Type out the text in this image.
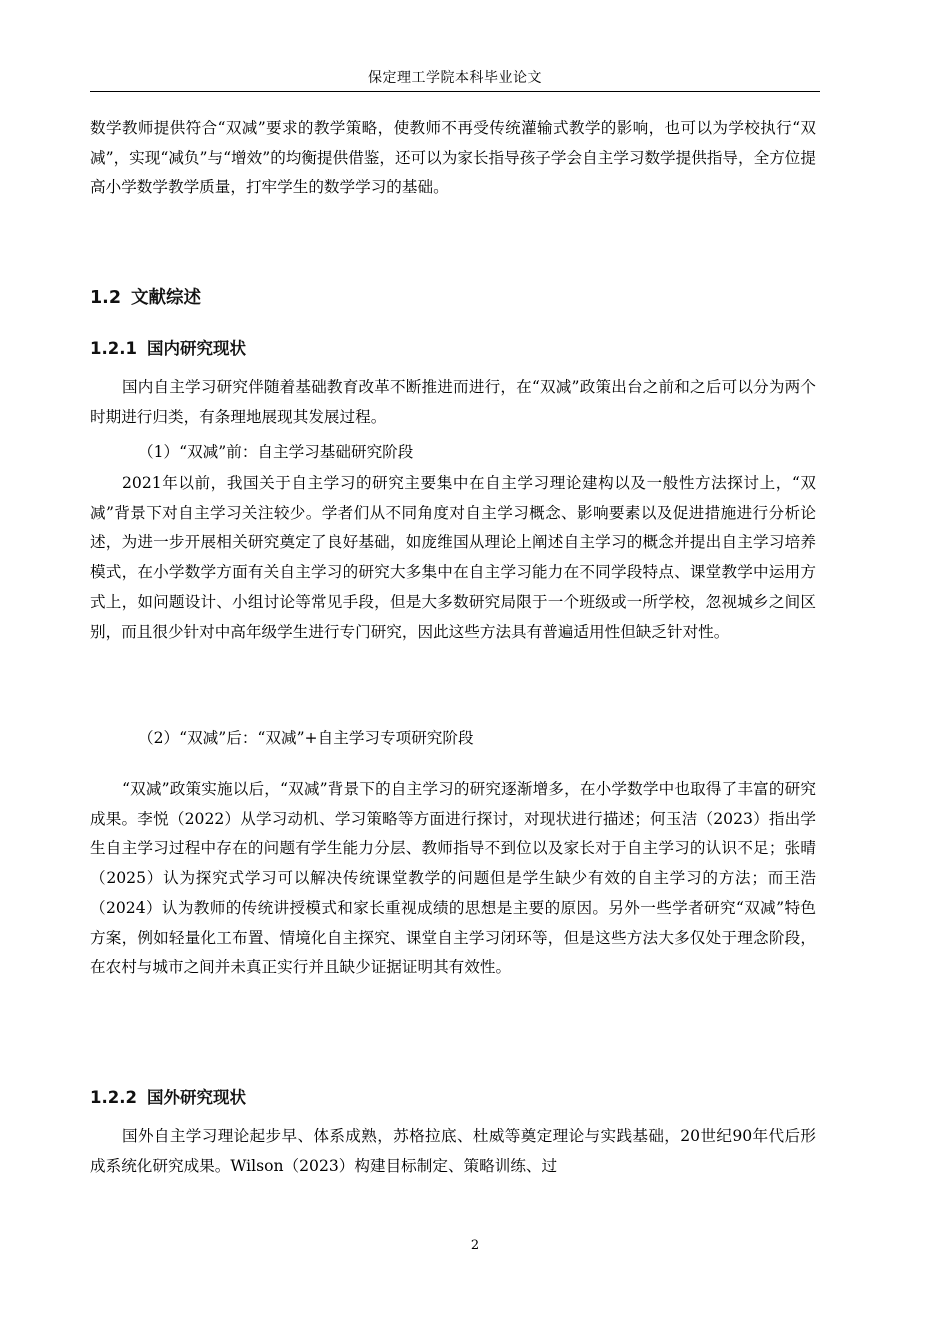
保定理工学院本科毕业论文

数学教师提供符合“双减”要求的教学策略，使教师不再受传统灌输式教学的影响，也可以为学校执行“双减”，实现“减负”与“增效”的均衡提供借鉴，还可以为家长指导孩子学会自主学习数学提供指导，全方位提高小学数学教学质量，打牢学生的数学学习的基础。

1.2 文献综述
1.2.1 国内研究现状

国内自主学习研究伴随着基础教育改革不断推进而进行，在“双减”政策出台之前和之后可以分为两个时期进行归类，有条理地展现其发展过程。

（1）“双减”前：自主学习基础研究阶段

2021年以前，我国关于自主学习的研究主要集中在自主学习理论建构以及一般性方法探讨上，“双减”背景下对自主学习关注较少。学者们从不同角度对自主学习概念、影响要素以及促进措施进行分析论述，为进一步开展相关研究奠定了良好基础，如庞维国从理论上阐述自主学习的概念并提出自主学习培养模式，在小学数学方面有关自主学习的研究大多集中在自主学习能力在不同学段特点、课堂教学中运用方式上，如问题设计、小组讨论等常见手段，但是大多数研究局限于一个班级或一所学校，忽视城乡之间区别，而且很少针对中高年级学生进行专门研究，因此这些方法具有普遍适用性但缺乏针对性。

（2）“双减”后：“双减”+自主学习专项研究阶段

“双减”政策实施以后，“双减”背景下的自主学习的研究逐渐增多，在小学数学中也取得了丰富的研究成果。李悦（2022）从学习动机、学习策略等方面进行探讨，对现状进行描述；何玉洁（2023）指出学生自主学习过程中存在的问题有学生能力分层、教师指导不到位以及家长对于自主学习的认识不足；张晴（2025）认为探究式学习可以解决传统课堂教学的问题但是学生缺少有效的自主学习的方法；而王浩（2024）认为教师的传统讲授模式和家长重视成绩的思想是主要的原因。另外一些学者研究“双减”特色方案，例如轻量化工布置、情境化自主探究、课堂自主学习闭环等，但是这些方法大多仅处于理念阶段，在农村与城市之间并未真正实行并且缺少证据证明其有效性。

1.2.2 国外研究现状

国外自主学习理论起步早、体系成熟，苏格拉底、杜威等奠定理论与实践基础，20世纪90年代后形成系统化研究成果。Wilson（2023）构建目标制定、策略训练、过

2
